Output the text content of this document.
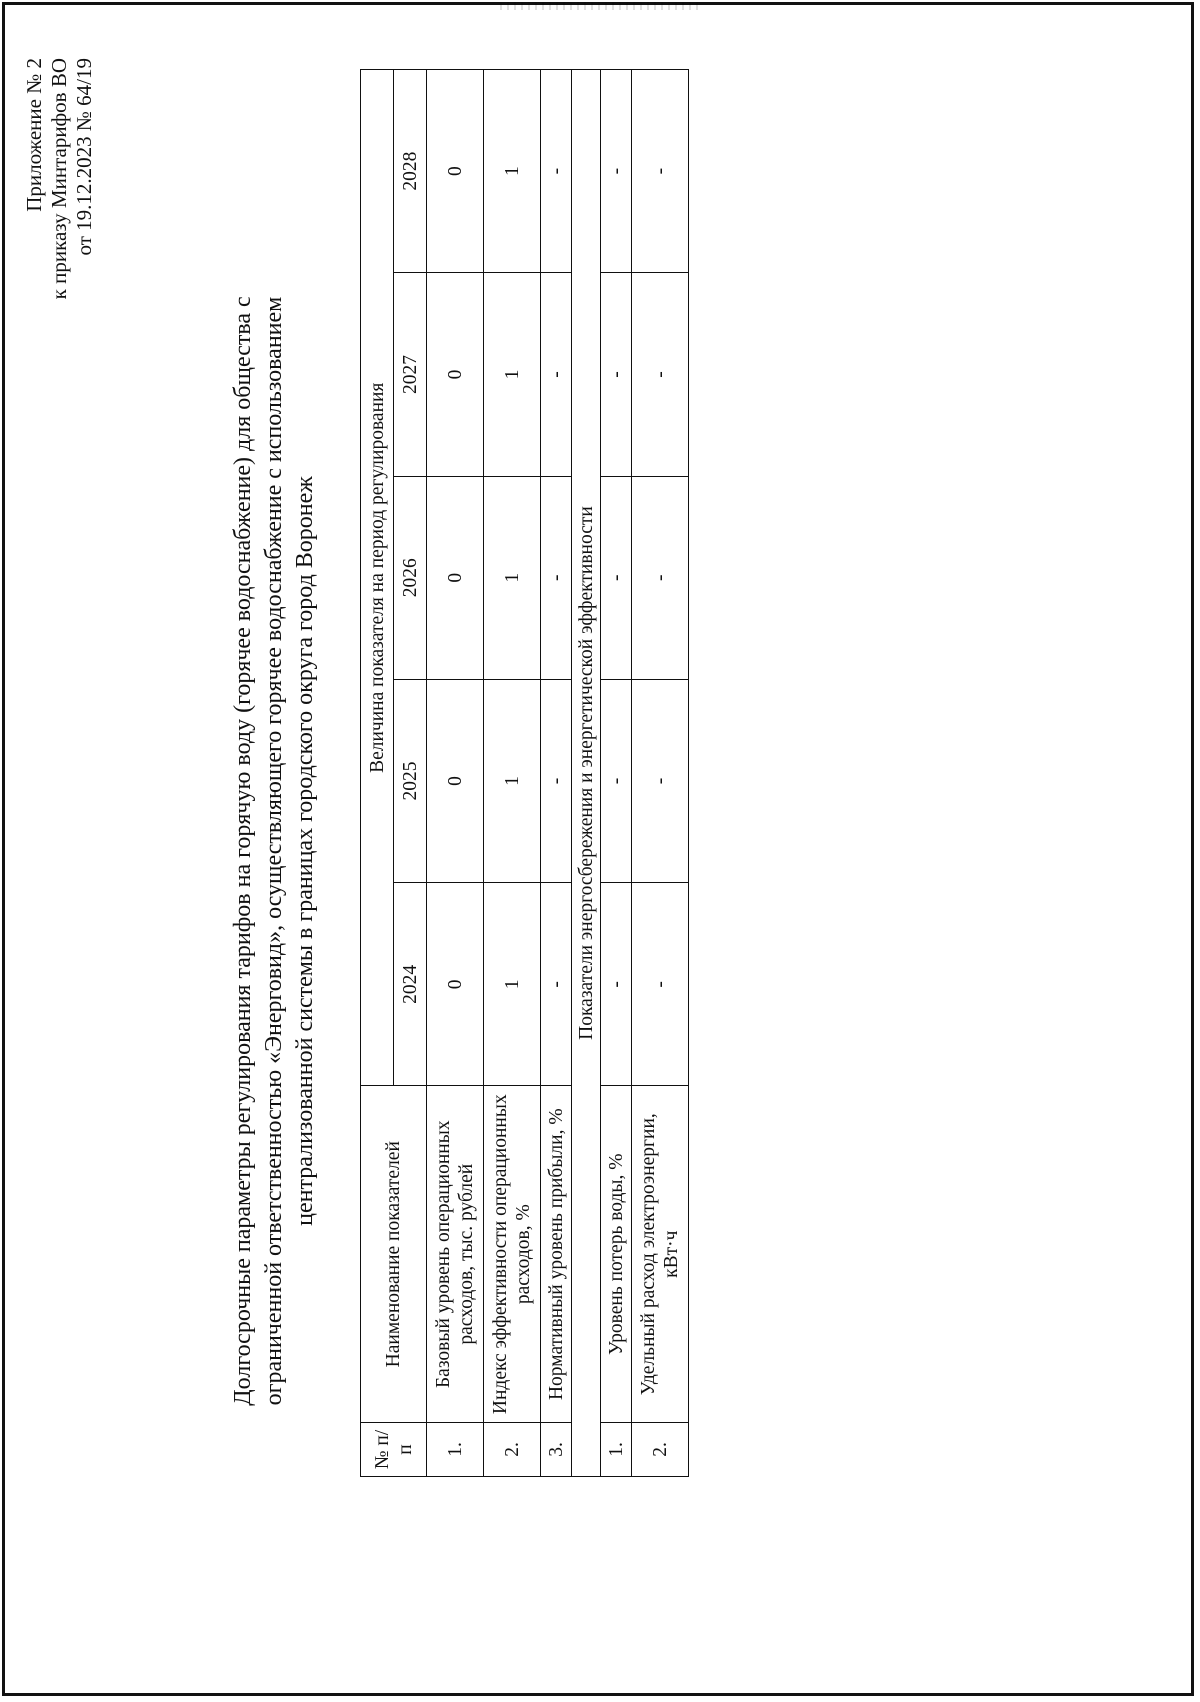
Приложение № 2 к приказу Минтарифов ВО от 19.12.2023 № 64/19
Долгосрочные параметры регулирования тарифов на горячую воду (горячее водоснабжение) для общества с ограниченной ответственностью «Энерговид», осуществляющего горячее водоснабжение с использованием централизованной системы в границах городского округа город Воронеж
№ п/п	Наименование показателей	Величина показателя на период регулирования				
		2024	2025	2026	2027	2028
1.	Базовый уровень операционных расходов, тыс. рублей	0	0	0	0	0
2.	Индекс эффективности операционных расходов, %	1	1	1	1	1
3.	Нормативный уровень прибыли, %	-	-	-	-	-
Показатели энергосбережения и энергетической эффективности						
1.	Уровень потерь воды, %	-	-	-	-	-
2.	Удельный расход электроэнергии, кВт·ч	-	-	-	-	-
